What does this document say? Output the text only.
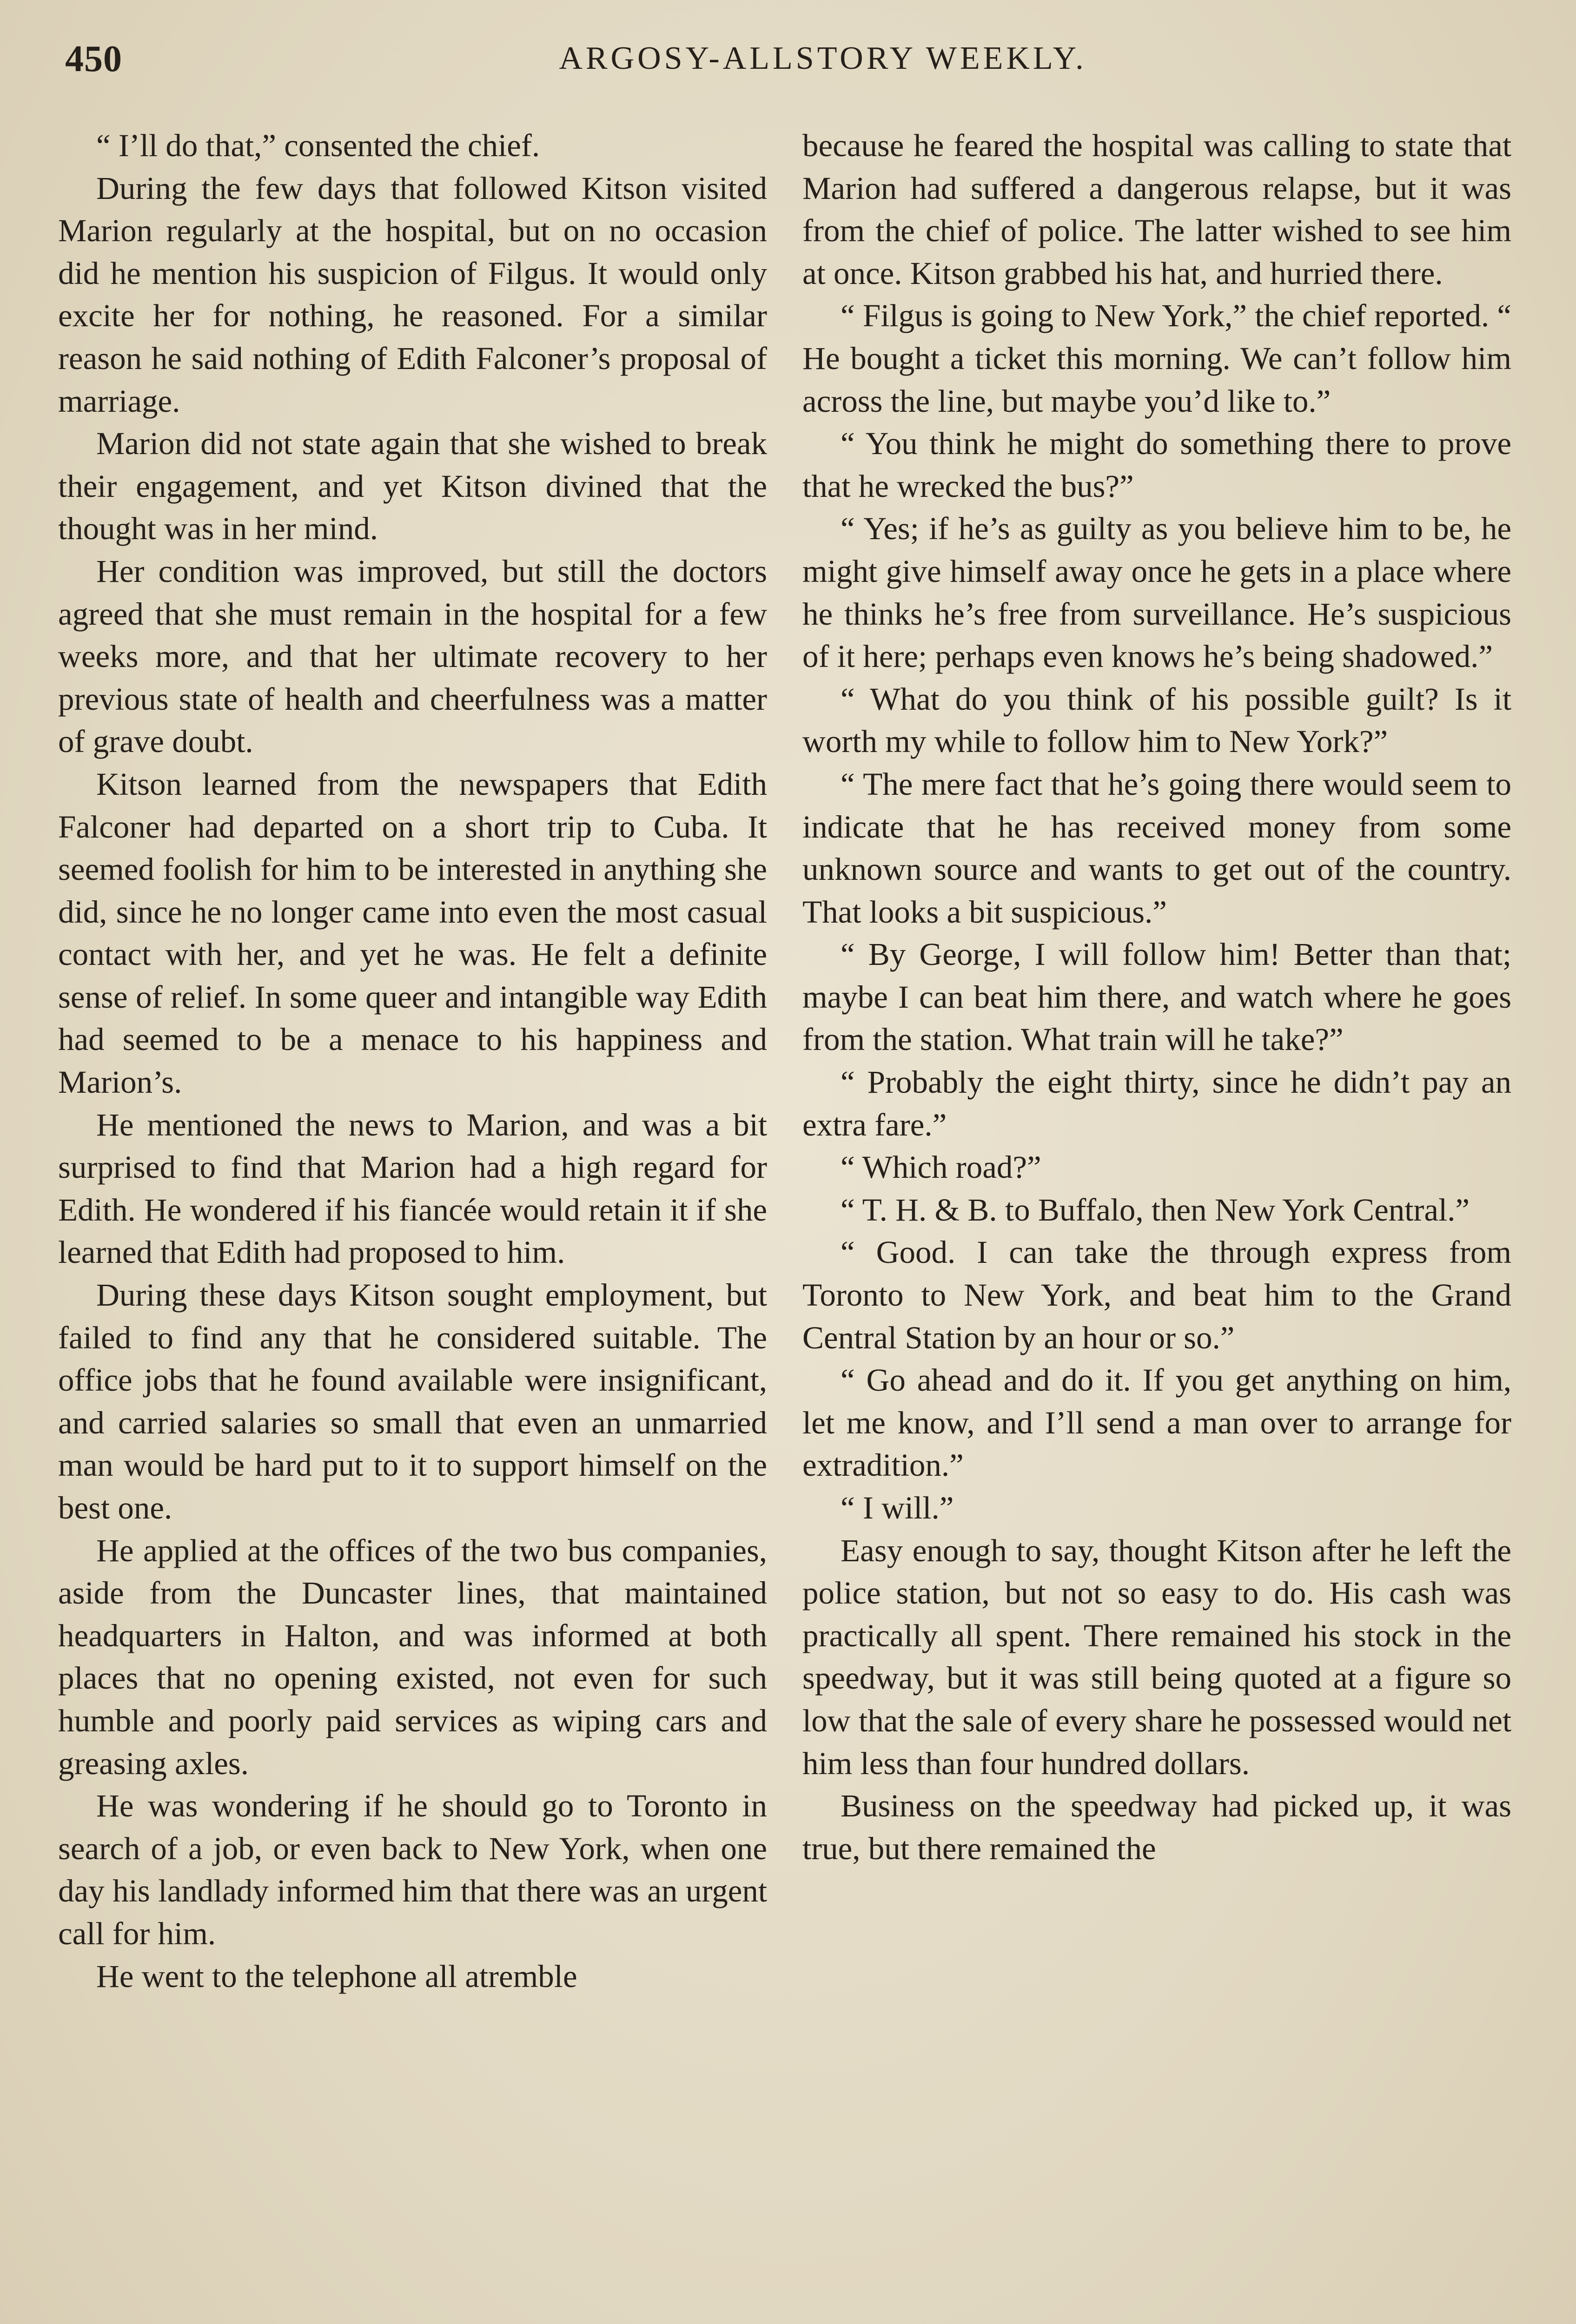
450	ARGOSY-ALLSTORY WEEKLY.

“ I’ll do that,” consented the chief.

During the few days that followed Kitson visited Marion regularly at the hospital, but on no occasion did he mention his suspicion of Filgus. It would only excite her for nothing, he reasoned. For a similar reason he said nothing of Edith Falconer’s proposal of marriage.

Marion did not state again that she wished to break their engagement, and yet Kitson divined that the thought was in her mind.

Her condition was improved, but still the doctors agreed that she must remain in the hospital for a few weeks more, and that her ultimate recovery to her previous state of health and cheerfulness was a matter of grave doubt.

Kitson learned from the newspapers that Edith Falconer had departed on a short trip to Cuba. It seemed foolish for him to be interested in anything she did, since he no longer came into even the most casual contact with her, and yet he was. He felt a definite sense of relief. In some queer and intangible way Edith had seemed to be a menace to his happiness and Marion’s.

He mentioned the news to Marion, and was a bit surprised to find that Marion had a high regard for Edith. He wondered if his fiancée would retain it if she learned that Edith had proposed to him.

During these days Kitson sought employment, but failed to find any that he considered suitable. The office jobs that he found available were insignificant, and carried salaries so small that even an unmarried man would be hard put to it to support himself on the best one.

He applied at the offices of the two bus companies, aside from the Duncaster lines, that maintained headquarters in Halton, and was informed at both places that no opening existed, not even for such humble and poorly paid services as wiping cars and greasing axles.

He was wondering if he should go to Toronto in search of a job, or even back to New York, when one day his landlady informed him that there was an urgent call for him.

He went to the telephone all atremble

because he feared the hospital was calling to state that Marion had suffered a dangerous relapse, but it was from the chief of police. The latter wished to see him at once. Kitson grabbed his hat, and hurried there.

“ Filgus is going to New York,” the chief reported. “ He bought a ticket this morning. We can’t follow him across the line, but maybe you’d like to.”

“ You think he might do something there to prove that he wrecked the bus?”

“ Yes; if he’s as guilty as you believe him to be, he might give himself away once he gets in a place where he thinks he’s free from surveillance. He’s suspicious of it here; perhaps even knows he’s being shadowed.”

“ What do you think of his possible guilt? Is it worth my while to follow him to New York?”

“ The mere fact that he’s going there would seem to indicate that he has received money from some unknown source and wants to get out of the country. That looks a bit suspicious.”

“ By George, I will follow him! Better than that; maybe I can beat him there, and watch where he goes from the station. What train will he take?”

“ Probably the eight thirty, since he didn’t pay an extra fare.”

“ Which road?”

“ T. H. & B. to Buffalo, then New York Central.”

“ Good. I can take the through express from Toronto to New York, and beat him to the Grand Central Station by an hour or so.”

“ Go ahead and do it. If you get anything on him, let me know, and I’ll send a man over to arrange for extradition.”

“ I will.”

Easy enough to say, thought Kitson after he left the police station, but not so easy to do. His cash was practically all spent. There remained his stock in the speedway, but it was still being quoted at a figure so low that the sale of every share he possessed would net him less than four hundred dollars.

Business on the speedway had picked up, it was true, but there remained the
